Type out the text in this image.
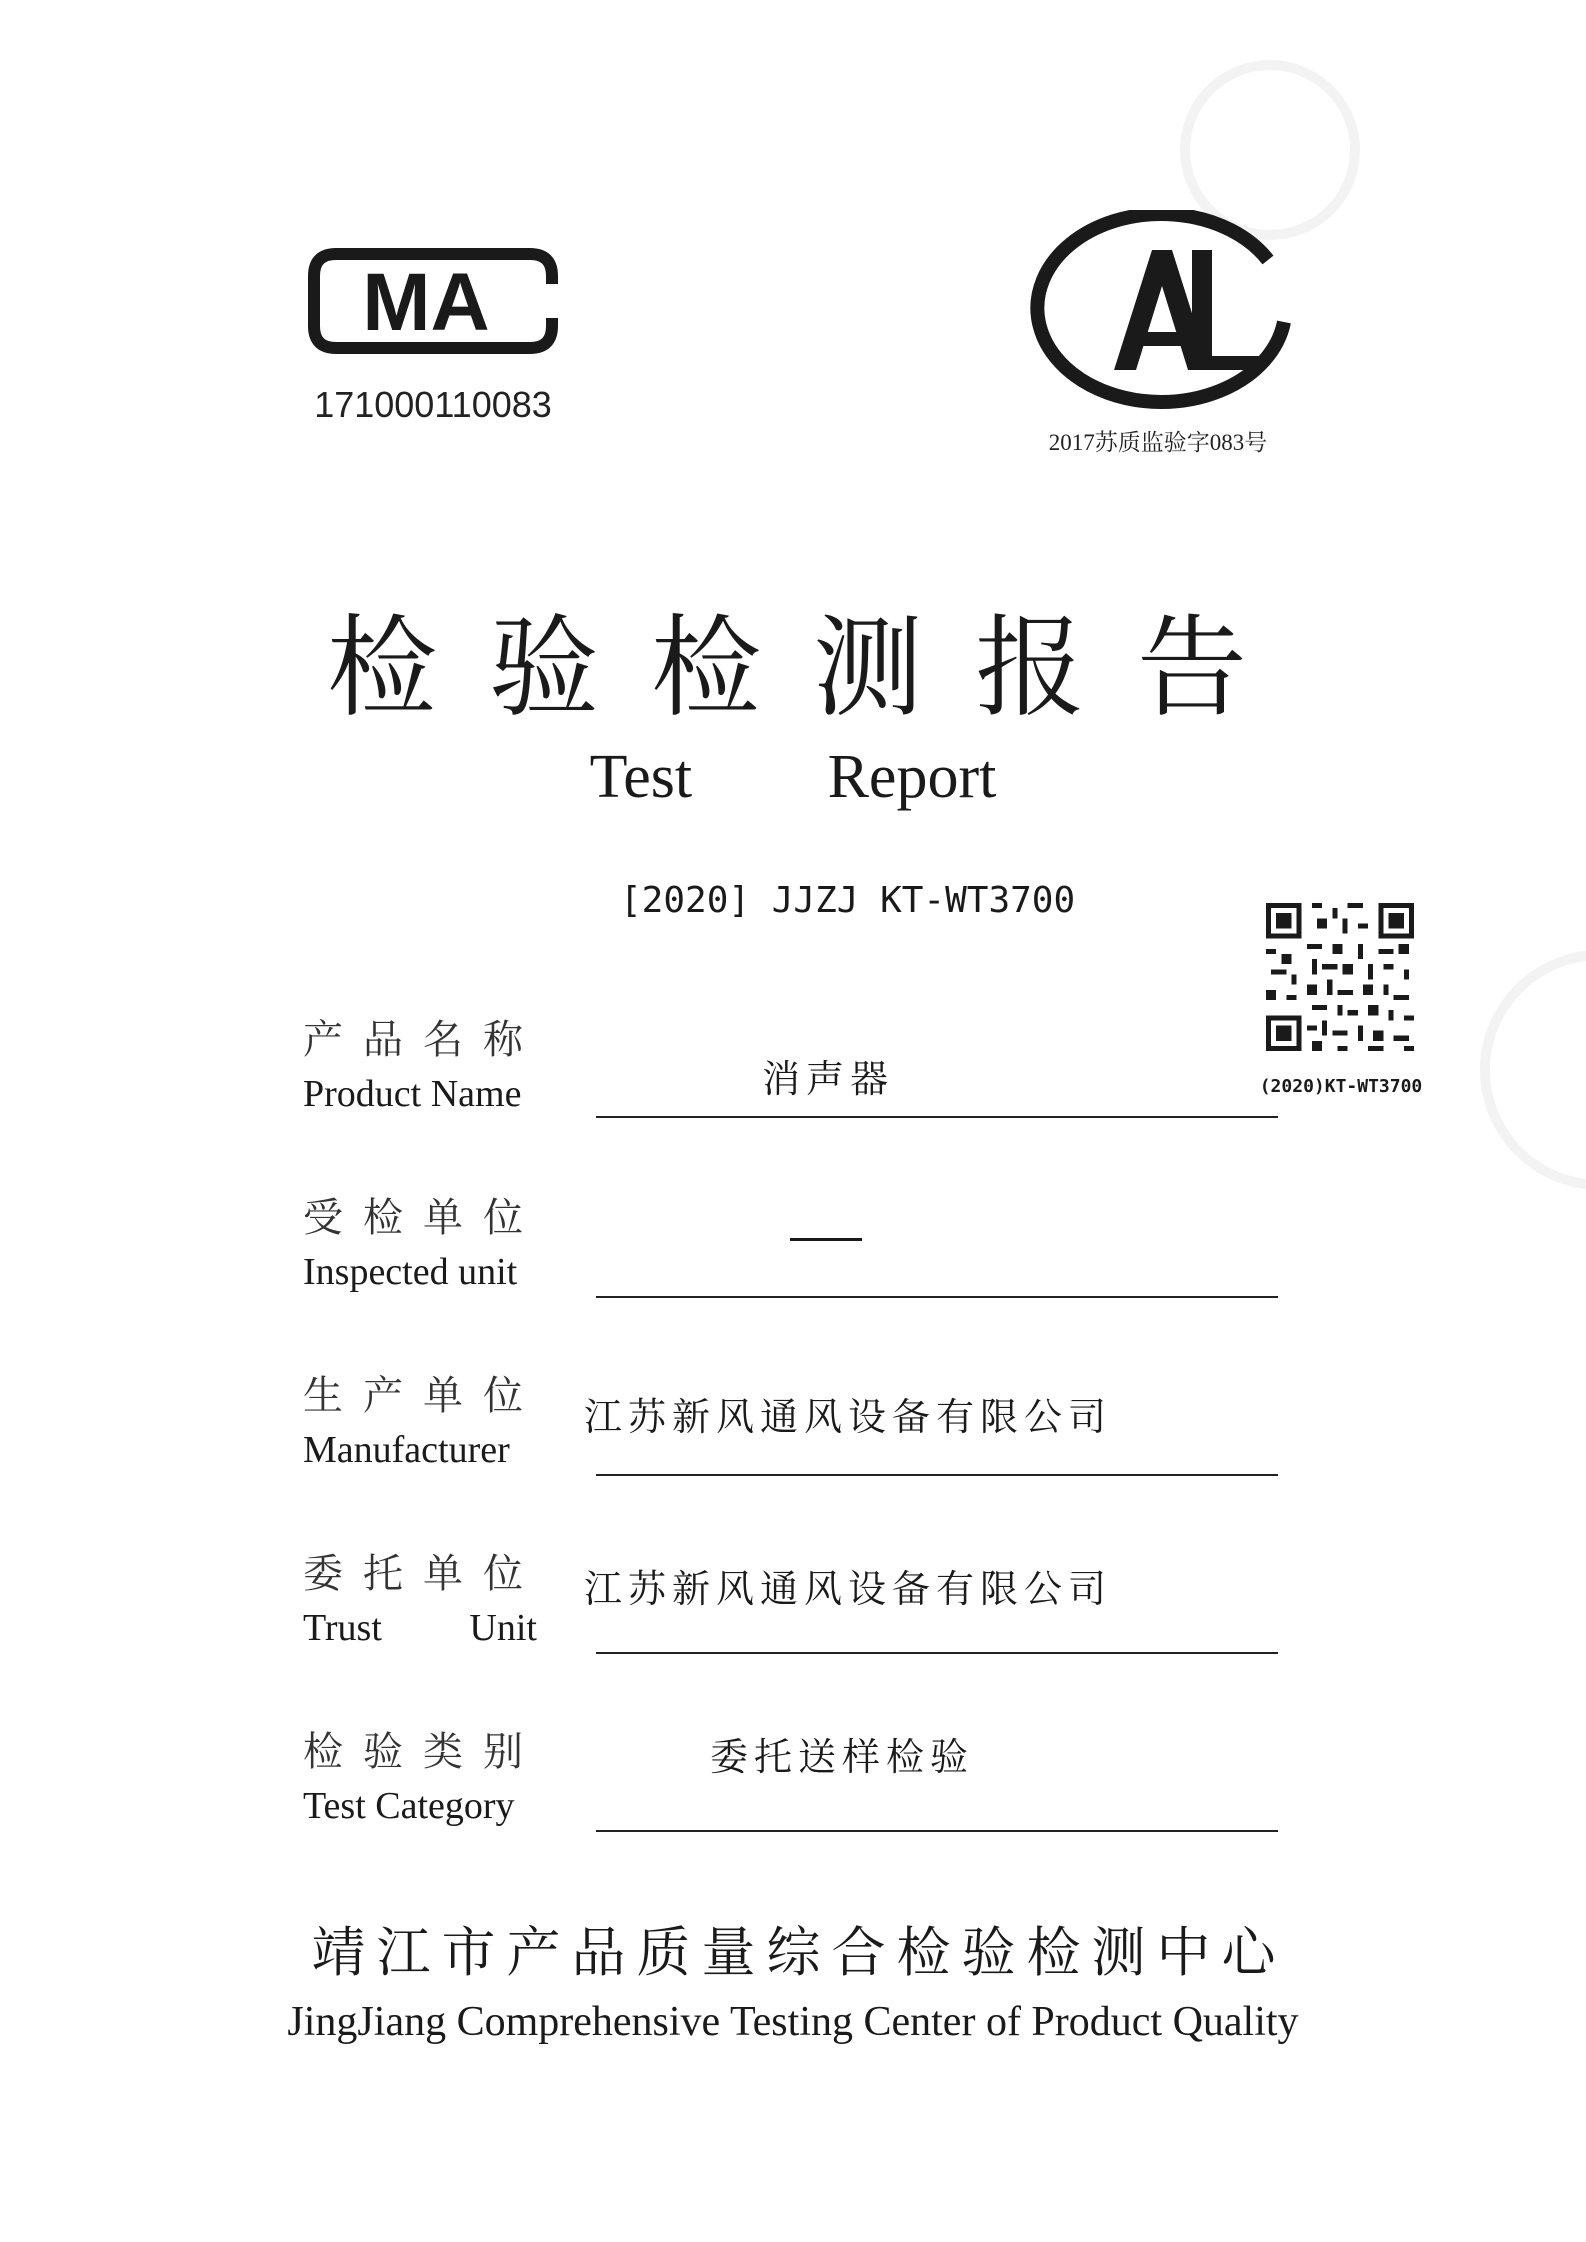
MA
171000110083
2017苏质监验字083号
检验检测报告
Test Report
[2020] JJZJ KT-WT3700
(2020)KT-WT3700
产品名称
Product Name	消声器
受检单位
Inspected unit
生产单位
Manufacturer
江苏新风通风设备有限公司
委托单位
Trust Unit
江苏新风通风设备有限公司
检验类别
Test Category
委托送样检验
靖江市产品质量综合检验检测中心
JingJiang Comprehensive Testing Center of Product Quality
